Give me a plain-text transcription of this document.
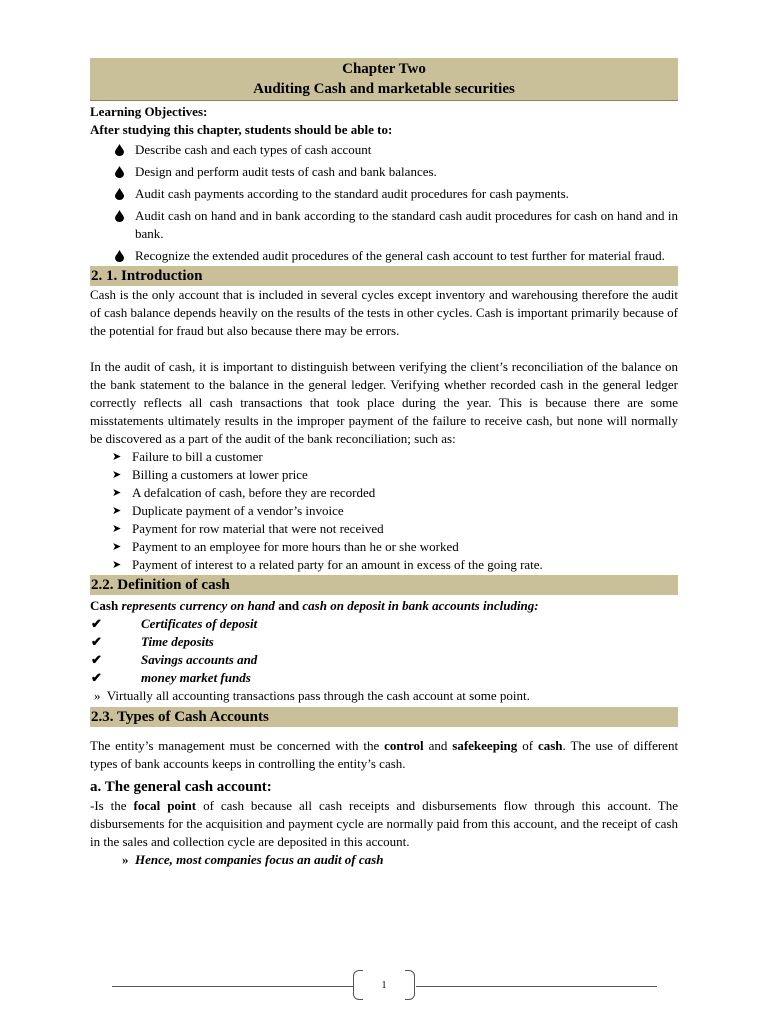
Chapter Two
Auditing Cash and marketable securities
Learning Objectives:
After studying this chapter, students should be able to:
Describe cash and each types of cash account
Design and perform audit tests of cash and bank balances.
Audit cash payments according to the standard audit procedures for cash payments.
Audit cash on hand and in bank according to the standard cash audit procedures for cash on hand and in bank.
Recognize the extended audit procedures of the general cash account to test further for material fraud.
2. 1. Introduction

Cash is the only account that is included in several cycles except inventory and warehousing therefore the audit of cash balance depends heavily on the results of the tests in other cycles. Cash is important primarily because of the potential for fraud but also because there may be errors.

In the audit of cash, it is important to distinguish between verifying the client’s reconciliation of the balance on the bank statement to the balance in the general ledger. Verifying whether recorded cash in the general ledger correctly reflects all cash transactions that took place during the year. This is because there are some misstatements ultimately results in the improper payment of the failure to receive cash, but none will normally be discovered as a part of the audit of the bank reconciliation; such as:

➤ Failure to bill a customer
➤ Billing a customers at lower price
➤ A defalcation of cash, before they are recorded
➤ Duplicate payment of a vendor’s invoice
➤ Payment for row material that were not received
➤ Payment to an employee for more hours than he or she worked
➤ Payment of interest to a related party for an amount in excess of the going rate.
2.2. Definition of cash

Cash represents currency on hand and cash on deposit in bank accounts including:

✔	Certificates of deposit
✔	Time deposits
✔	Savings accounts and
✔	money market funds

» Virtually all accounting transactions pass through the cash account at some point.

2.3. Types of Cash Accounts

The entity’s management must be concerned with the control and safekeeping of cash. The use of different types of bank accounts keeps in controlling the entity’s cash.

a. The general cash account:

-Is the focal point of cash because all cash receipts and disbursements flow through this account. The disbursements for the acquisition and payment cycle are normally paid from this account, and the receipt of cash in the sales and collection cycle are deposited in this account.

» Hence, most companies focus an audit of cash

1
